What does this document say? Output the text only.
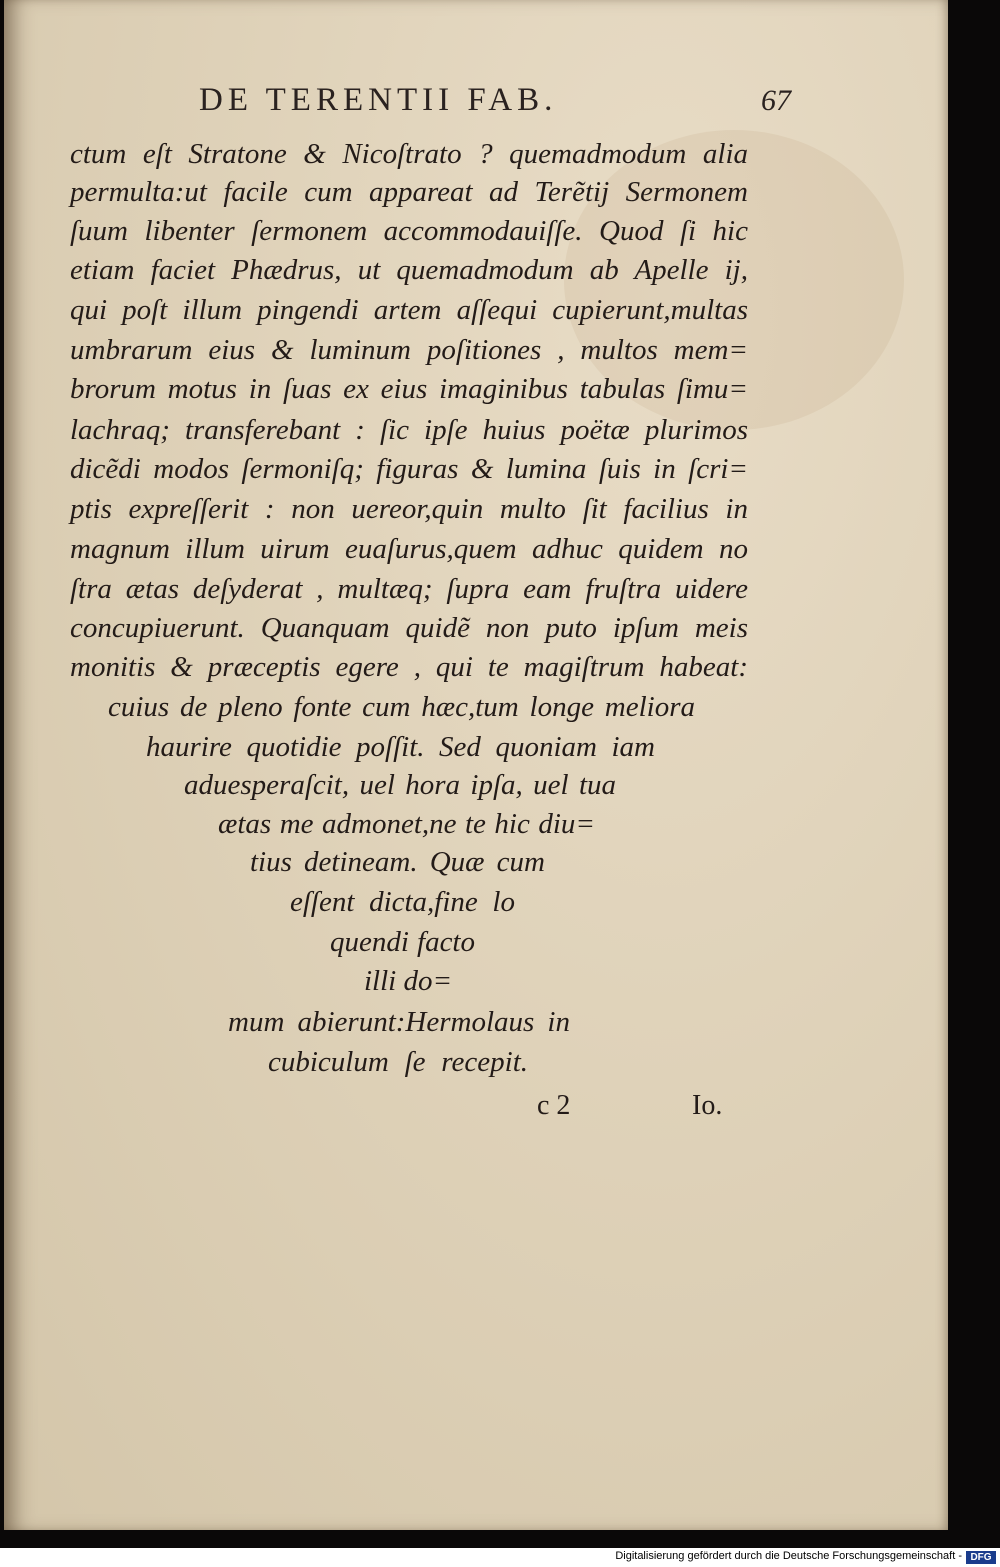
DE TERENTII FAB.	67
ctum eſt Stratone & Nicoſtrato ? quemadmodum alia
permulta:ut facile cum appareat ad Terẽtij Sermonem
ſuum libenter ſermonem accommodauiſſe. Quod ſi hic
etiam faciet Phædrus, ut quemadmodum ab Apelle ij,
qui poſt illum pingendi artem aſſequi cupierunt,multas
umbrarum eius & luminum poſitiones , multos mem=
brorum motus in ſuas ex eius imaginibus tabulas ſimu=
lachraq; transferebant : ſic ipſe huius poëtæ plurimos
dicẽdi modos ſermoniſq; figuras & lumina ſuis in ſcri=
ptis expreſſerit : non uereor,quin multo ſit facilius in
magnum illum uirum euaſurus,quem adhuc quidem no
ſtra ætas deſyderat , multæq; ſupra eam fruſtra uidere
concupiuerunt. Quanquam quidẽ non puto ipſum meis
monitis & præceptis egere , qui te magiſtrum habeat:
cuius de pleno fonte cum hæc,tum longe meliora
haurire quotidie poſſit. Sed quoniam iam
aduesperaſcit, uel hora ipſa, uel tua
ætas me admonet,ne te hic diu=
tius detineam. Quæ cum
eſſent dicta,fine lo
quendi facto
illi do=
mum abierunt:Hermolaus in
cubiculum ſe recepit.
c 2	Io.
Digitalisierung gefördert durch die Deutsche Forschungsgemeinschaft - DFG
